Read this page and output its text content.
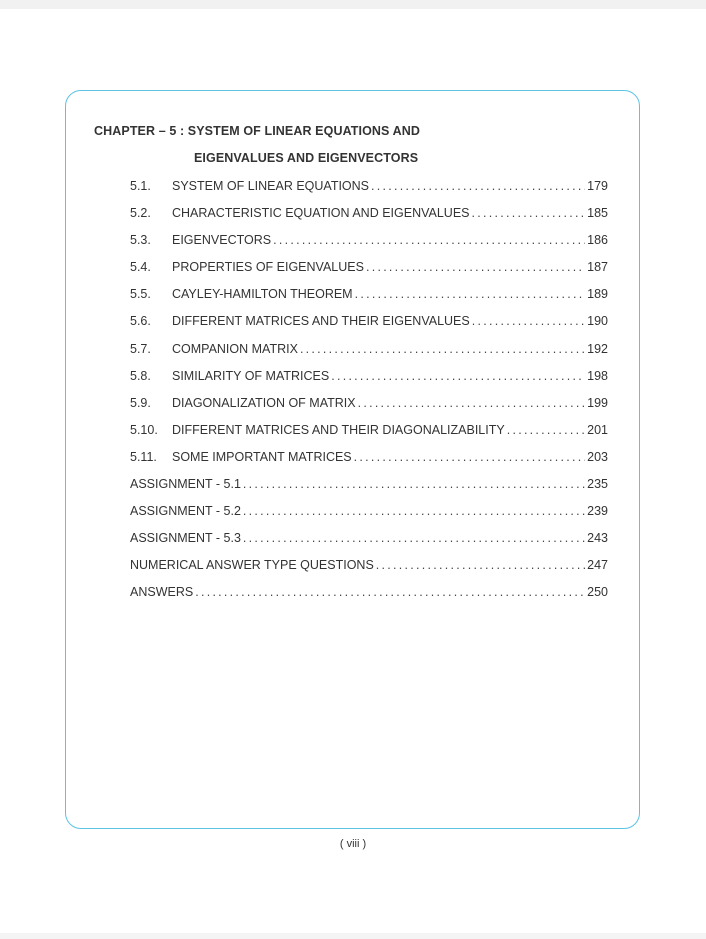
CHAPTER – 5 : SYSTEM OF LINEAR EQUATIONS AND
EIGENVALUES AND EIGENVECTORS
5.1.	SYSTEM OF LINEAR EQUATIONS . . .	179
5.2.	CHARACTERISTIC EQUATION AND EIGENVALUES . . .	185
5.3.	EIGENVECTORS . . .	186
5.4.	PROPERTIES OF EIGENVALUES . . .	187
5.5.	CAYLEY-HAMILTON THEOREM . . .	189
5.6.	DIFFERENT MATRICES AND THEIR EIGENVALUES . . .	190
5.7.	COMPANION MATRIX . . .	192
5.8.	SIMILARITY OF MATRICES . . .	198
5.9.	DIAGONALIZATION OF MATRIX . . .	199
5.10.	DIFFERENT MATRICES AND THEIR DIAGONALIZABILITY . . .	201
5.11.	SOME IMPORTANT MATRICES . . .	203
ASSIGNMENT - 5.1 . . .	235
ASSIGNMENT - 5.2 . . .	239
ASSIGNMENT - 5.3 . . .	243
NUMERICAL ANSWER TYPE QUESTIONS . . .	247
ANSWERS . . .	250
( viii )
